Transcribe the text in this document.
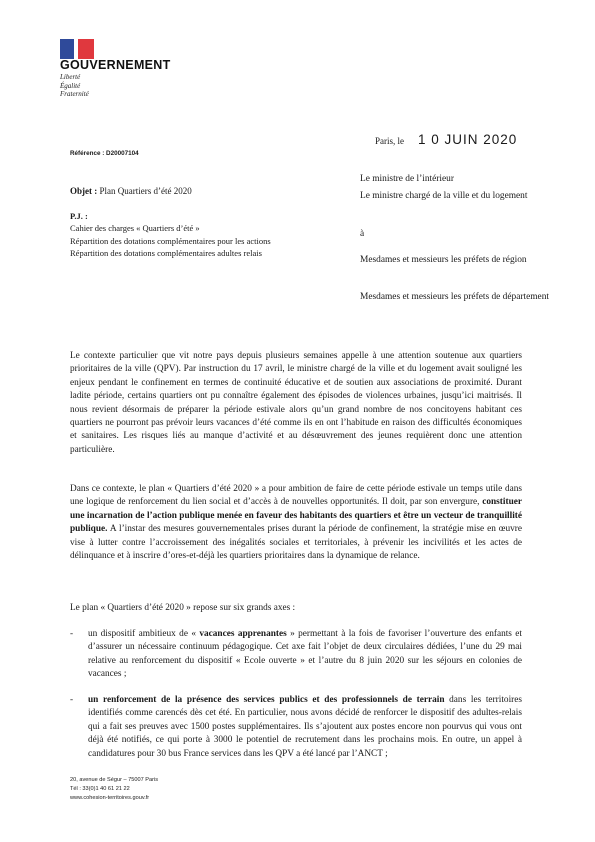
GOUVERNEMENT
Liberté
Égalité
Fraternité
Paris, le 1 0 JUIN 2020
Référence : D20007104
Le ministre de l’intérieur
Le ministre chargé de la ville et du logement
à
Mesdames et messieurs les préfets de région
Mesdames et messieurs les préfets de département
Objet : Plan Quartiers d’été 2020
P.J. :
Cahier des charges « Quartiers d’été »
Répartition des dotations complémentaires pour les actions
Répartition des dotations complémentaires adultes relais
Le contexte particulier que vit notre pays depuis plusieurs semaines appelle à une attention soutenue aux quartiers prioritaires de la ville (QPV). Par instruction du 17 avril, le ministre chargé de la ville et du logement avait souligné les enjeux pendant le confinement en termes de continuité éducative et de soutien aux associations de proximité. Durant ladite période, certains quartiers ont pu connaître également des épisodes de violences urbaines, jusqu’ici maitrisés. Il nous revient désormais de préparer la période estivale alors qu’un grand nombre de nos concitoyens habitant ces quartiers ne pourront pas prévoir leurs vacances d’été comme ils en ont l’habitude en raison des difficultés économiques et sanitaires. Les risques liés au manque d’activité et au désœuvrement des jeunes requièrent donc une attention particulière.
Dans ce contexte, le plan « Quartiers d’été 2020 » a pour ambition de faire de cette période estivale un temps utile dans une logique de renforcement du lien social et d’accès à de nouvelles opportunités. Il doit, par son envergure, constituer une incarnation de l’action publique menée en faveur des habitants des quartiers et être un vecteur de tranquillité publique. A l’instar des mesures gouvernementales prises durant la période de confinement, la stratégie mise en œuvre vise à lutter contre l’accroissement des inégalités sociales et territoriales, à prévenir les incivilités et les actes de délinquance et à inscrire d’ores-et-déjà les quartiers prioritaires dans la dynamique de relance.
Le plan « Quartiers d’été 2020 » repose sur six grands axes :
- un dispositif ambitieux de « vacances apprenantes » permettant à la fois de favoriser l’ouverture des enfants et d’assurer un nécessaire continuum pédagogique. Cet axe fait l’objet de deux circulaires dédiées, l’une du 29 mai relative au renforcement du dispositif « Ecole ouverte » et l’autre du 8 juin 2020 sur les séjours en colonies de vacances ;
- un renforcement de la présence des services publics et des professionnels de terrain dans les territoires identifiés comme carencés dès cet été. En particulier, nous avons décidé de renforcer le dispositif des adultes-relais qui a fait ses preuves avec 1500 postes supplémentaires. Ils s’ajoutent aux postes encore non pourvus qui vous ont déjà été notifiés, ce qui porte à 3000 le potentiel de recrutement dans les prochains mois. En outre, un appel à candidatures pour 30 bus France services dans les QPV a été lancé par l’ANCT ;
20, avenue de Ségur – 75007 Paris
Tél : 33(0)1 40 61 21 22
www.cohesion-territoires.gouv.fr
